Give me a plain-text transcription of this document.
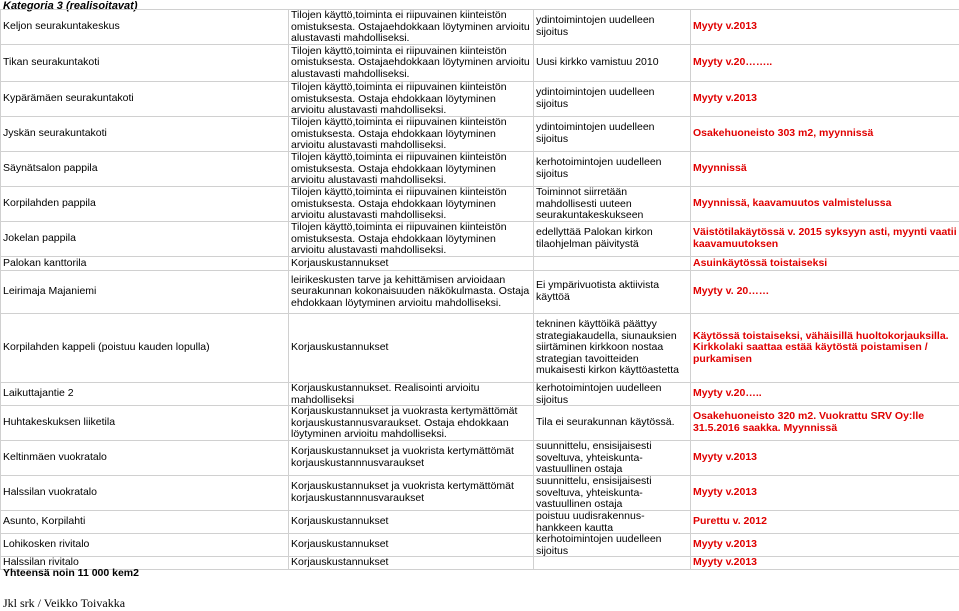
Kategoria 3 (realisoitavat)
Keljon seurakuntakeskus	Tilojen käyttö,toiminta ei riipuvainen kiinteistön omistuksesta. Ostajaehdokkaan löytyminen arvioitu alustavasti mahdolliseksi.	ydintoimintojen uudelleen sijoitus	Myyty v.2013

Tikan seurakuntakoti	Tilojen käyttö,toiminta ei riipuvainen kiinteistön omistuksesta. Ostajaehdokkaan löytyminen arvioitu alustavasti mahdolliseksi.	Uusi kirkko vamistuu 2010	Myyty v.20……..

Kypärämäen seurakuntakoti	Tilojen käyttö,toiminta ei riipuvainen kiinteistön omistuksesta. Ostaja ehdokkaan löytyminen arvioitu alustavasti mahdolliseksi.	ydintoimintojen uudelleen sijoitus	Myyty v.2013

Jyskän seurakuntakoti	Tilojen käyttö,toiminta ei riipuvainen kiinteistön omistuksesta. Ostaja ehdokkaan löytyminen arvioitu alustavasti mahdolliseksi.	ydintoimintojen uudelleen sijoitus	Osakehuoneisto 303 m2, myynnissä

Säynätsalon pappila	Tilojen käyttö,toiminta ei riipuvainen kiinteistön omistuksesta. Ostaja ehdokkaan löytyminen arvioitu alustavasti mahdolliseksi.	kerhotoimintojen uudelleen sijoitus	Myynnissä

Korpilahden pappila	Tilojen käyttö,toiminta ei riipuvainen kiinteistön omistuksesta. Ostaja ehdokkaan löytyminen arvioitu alustavasti mahdolliseksi.	Toiminnot siirretään mahdollisesti uuteen seurakuntakeskukseen	Myynnissä, kaavamuutos valmistelussa

Jokelan pappila	Tilojen käyttö,toiminta ei riipuvainen kiinteistön omistuksesta. Ostaja ehdokkaan löytyminen arvioitu alustavasti mahdolliseksi.	edellyttää Palokan kirkon tilaohjelman päivitystä	Väistötilakäytössä v. 2015 syksyyn asti, myynti vaatii kaavamuutoksen

Palokan kanttorila	Korjauskustannukset		Asuinkäytössä toistaiseksi

Leirimaja Majaniemi	leirikeskusten tarve ja kehittämisen arvioidaan seurakunnan kokonaisuuden näkökulmasta. Ostaja ehdokkaan löytyminen arvioitu mahdolliseksi.	Ei ympärivuotista aktiivista käyttöä	Myyty v. 20……

Korpilahden kappeli (poistuu kauden lopulla)	Korjauskustannukset	tekninen käyttöikä päättyy strategiakaudella, siunauksien siirtäminen kirkkoon nostaa strategian tavoitteiden mukaisesti kirkon käyttöastetta	Käytössä toistaiseksi, vähäisillä huoltokorjauksilla. Kirkkolaki saattaa estää käytöstä poistamisen / purkamisen

Laikuttajantie 2	Korjauskustannukset. Realisointi arvioitu mahdolliseksi	kerhotoimintojen uudelleen sijoitus	Myyty v.20…..

Huhtakeskuksen liiketila	Korjauskustannukset ja vuokrasta kertymättömät korjauskustannusvaraukset. Ostaja ehdokkaan löytyminen arvioitu mahdolliseksi.	Tila ei seurakunnan käytössä.	Osakehuoneisto 320 m2. Vuokrattu SRV Oy:lle 31.5.2016 saakka. Myynnissä

Keltinmäen vuokratalo	Korjauskustannukset ja vuokrista kertymättömät korjauskustannnusvaraukset	suunnittelu, ensisijaisesti soveltuva, yhteiskunta-vastuullinen ostaja	Myyty v.2013

Halssilan vuokratalo	Korjauskustannukset ja vuokrista kertymättömät korjauskustannnusvaraukset	suunnittelu, ensisijaisesti soveltuva, yhteiskunta-vastuullinen ostaja	Myyty v.2013

Asunto, Korpilahti	Korjauskustannukset	poistuu uudisrakennus-hankkeen kautta	Purettu v. 2012

Lohikosken rivitalo	Korjauskustannukset	kerhotoimintojen uudelleen sijoitus	Myyty v.2013

Halssilan rivitalo	Korjauskustannukset		Myyty v.2013
Yhteensä noin 11 000 kem2
Jkl srk / Veikko Toivakka
